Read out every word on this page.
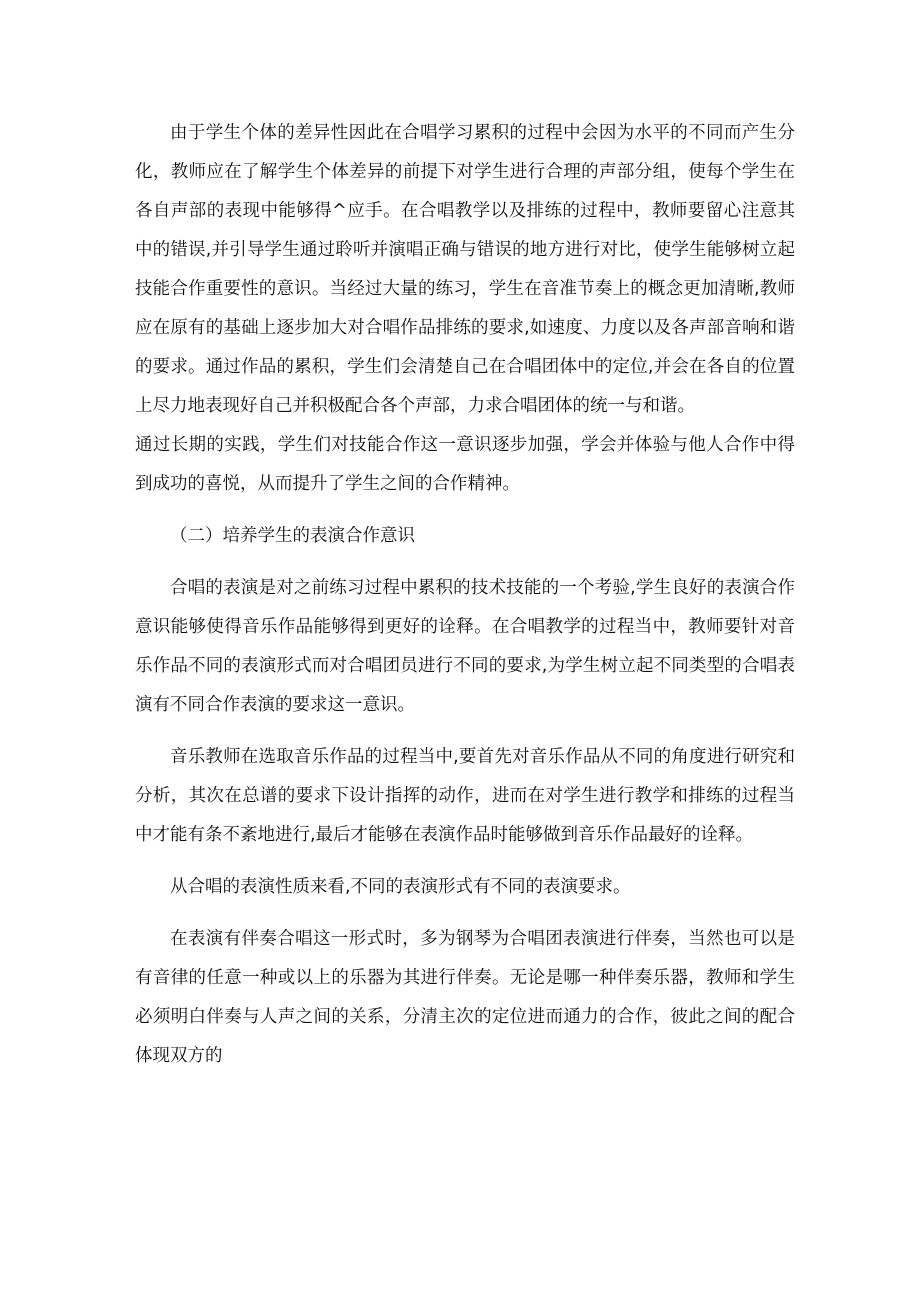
由于学生个体的差异性因此在合唱学习累积的过程中会因为水平的不同而产生分化，教师应在了解学生个体差异的前提下对学生进行合理的声部分组，使每个学生在各自声部的表现中能够得^应手。在合唱教学以及排练的过程中，教师要留心注意其中的错误,并引导学生通过聆听并演唱正确与错误的地方进行对比，使学生能够树立起技能合作重要性的意识。当经过大量的练习，学生在音准节奏上的概念更加清晰,教师应在原有的基础上逐步加大对合唱作品排练的要求,如速度、力度以及各声部音响和谐的要求。通过作品的累积，学生们会清楚自己在合唱团体中的定位,并会在各自的位置上尽力地表现好自己并积极配合各个声部，力求合唱团体的统一与和谐。

通过长期的实践，学生们对技能合作这一意识逐步加强，学会并体验与他人合作中得到成功的喜悦，从而提升了学生之间的合作精神。

（二）培养学生的表演合作意识

合唱的表演是对之前练习过程中累积的技术技能的一个考验,学生良好的表演合作意识能够使得音乐作品能够得到更好的诠释。在合唱教学的过程当中，教师要针对音乐作品不同的表演形式而对合唱团员进行不同的要求,为学生树立起不同类型的合唱表演有不同合作表演的要求这一意识。

音乐教师在选取音乐作品的过程当中,要首先对音乐作品从不同的角度进行研究和分析，其次在总谱的要求下设计指挥的动作，进而在对学生进行教学和排练的过程当中才能有条不紊地进行,最后才能够在表演作品时能够做到音乐作品最好的诠释。

从合唱的表演性质来看,不同的表演形式有不同的表演要求。

在表演有伴奏合唱这一形式时，多为钢琴为合唱团表演进行伴奏，当然也可以是有音律的任意一种或以上的乐器为其进行伴奏。无论是哪一种伴奏乐器，教师和学生必须明白伴奏与人声之间的关系，分清主次的定位进而通力的合作，彼此之间的配合体现双方的
